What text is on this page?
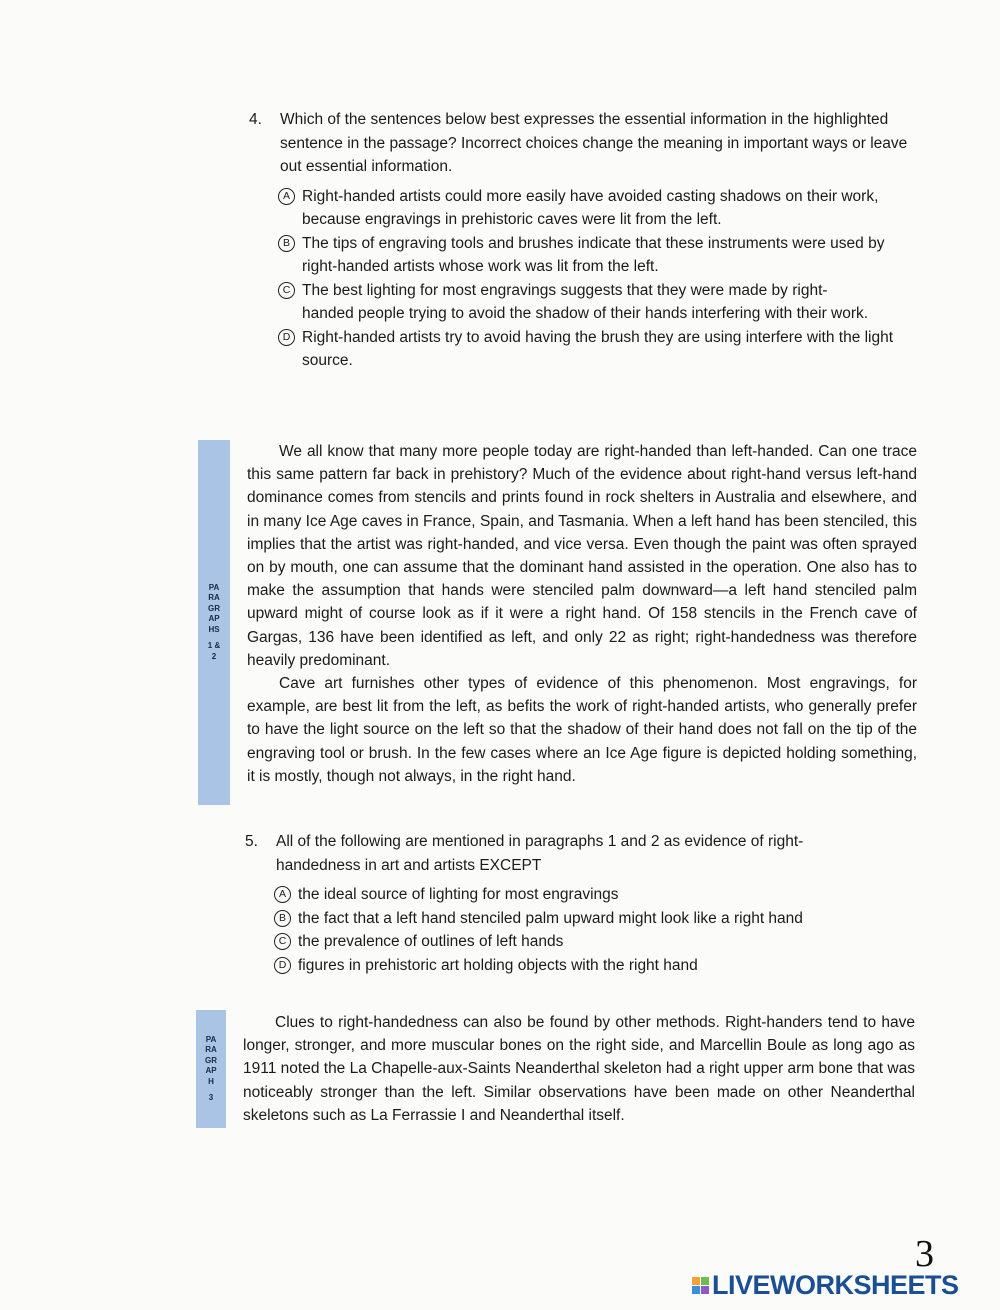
4. Which of the sentences below best expresses the essential information in the highlighted sentence in the passage? Incorrect choices change the meaning in important ways or leave out essential information.
A Right-handed artists could more easily have avoided casting shadows on their work, because engravings in prehistoric caves were lit from the left.
B The tips of engraving tools and brushes indicate that these instruments were used by right-handed artists whose work was lit from the left.
C The best lighting for most engravings suggests that they were made by right-handed people trying to avoid the shadow of their hands interfering with their work.
D Right-handed artists try to avoid having the brush they are using interfere with the light source.
PARAGRAPHS
1 & 2

We all know that many more people today are right-handed than left-handed. Can one trace this same pattern far back in prehistory? Much of the evidence about right-hand versus left-hand dominance comes from stencils and prints found in rock shelters in Australia and elsewhere, and in many Ice Age caves in France, Spain, and Tasmania. When a left hand has been stenciled, this implies that the artist was right-handed, and vice versa. Even though the paint was often sprayed on by mouth, one can assume that the dominant hand assisted in the operation. One also has to make the assumption that hands were stenciled palm downward—a left hand stenciled palm upward might of course look as if it were a right hand. Of 158 stencils in the French cave of Gargas, 136 have been identified as left, and only 22 as right; right-handedness was therefore heavily predominant.

Cave art furnishes other types of evidence of this phenomenon. Most engravings, for example, are best lit from the left, as befits the work of right-handed artists, who generally prefer to have the light source on the left so that the shadow of their hand does not fall on the tip of the engraving tool or brush. In the few cases where an Ice Age figure is depicted holding something, it is mostly, though not always, in the right hand.

5. All of the following are mentioned in paragraphs 1 and 2 as evidence of right-handedness in art and artists EXCEPT
A the ideal source of lighting for most engravings
B the fact that a left hand stenciled palm upward might look like a right hand
C the prevalence of outlines of left hands
D figures in prehistoric art holding objects with the right hand
PARAGRAPH
3

Clues to right-handedness can also be found by other methods. Right-handers tend to have longer, stronger, and more muscular bones on the right side, and Marcellin Boule as long ago as 1911 noted the La Chapelle-aux-Saints Neanderthal skeleton had a right upper arm bone that was noticeably stronger than the left. Similar observations have been made on other Neanderthal skeletons such as La Ferrassie I and Neanderthal itself.

3
LIVEWORKSHEETS
